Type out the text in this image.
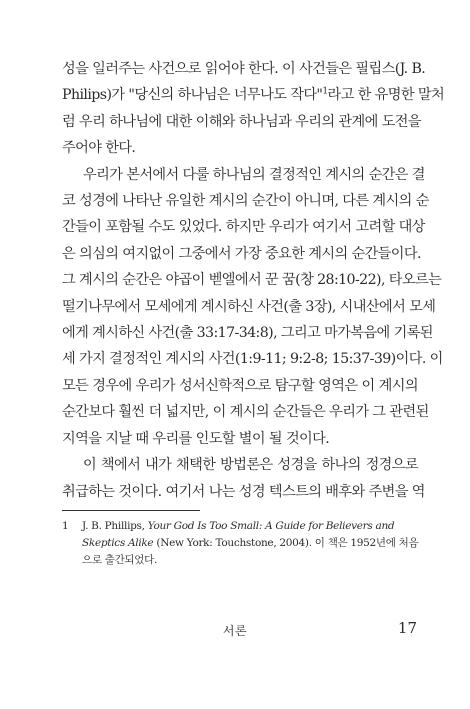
성을 일러주는 사건으로 읽어야 한다. 이 사건들은 필립스(J. B.
Philips)가 "당신의 하나님은 너무나도 작다"$^1$라고 한 유명한 말처
럼 우리 하나님에 대한 이해와 하나님과 우리의 관계에 도전을
주어야 한다.
우리가 본서에서 다룰 하나님의 결정적인 계시의 순간은 결
코 성경에 나타난 유일한 계시의 순간이 아니며, 다른 계시의 순
간들이 포함될 수도 있었다. 하지만 우리가 여기서 고려할 대상
은 의심의 여지없이 그중에서 가장 중요한 계시의 순간들이다.
그 계시의 순간은 야곱이 벧엘에서 꾼 꿈(창 28:10-22), 타오르는
떨기나무에서 모세에게 계시하신 사건(출 3장), 시내산에서 모세
에게 계시하신 사건(출 33:17-34:8), 그리고 마가복음에 기록된
세 가지 결정적인 계시의 사건(1:9-11; 9:2-8; 15:37-39)이다. 이
모든 경우에 우리가 성서신학적으로 탐구할 영역은 이 계시의
순간보다 훨씬 더 넓지만, 이 계시의 순간들은 우리가 그 관련된
지역을 지날 때 우리를 인도할 별이 될 것이다.
이 책에서 내가 채택한 방법론은 성경을 하나의 정경으로
취급하는 것이다. 여기서 나는 성경 텍스트의 배후와 주변을 역
1 J. B. Phillips, Your God Is Too Small: A Guide for Believers and Skeptics Alike (New York: Touchstone, 2004). 이 책은 1952년에 처음으로 출간되었다.
서론	17
